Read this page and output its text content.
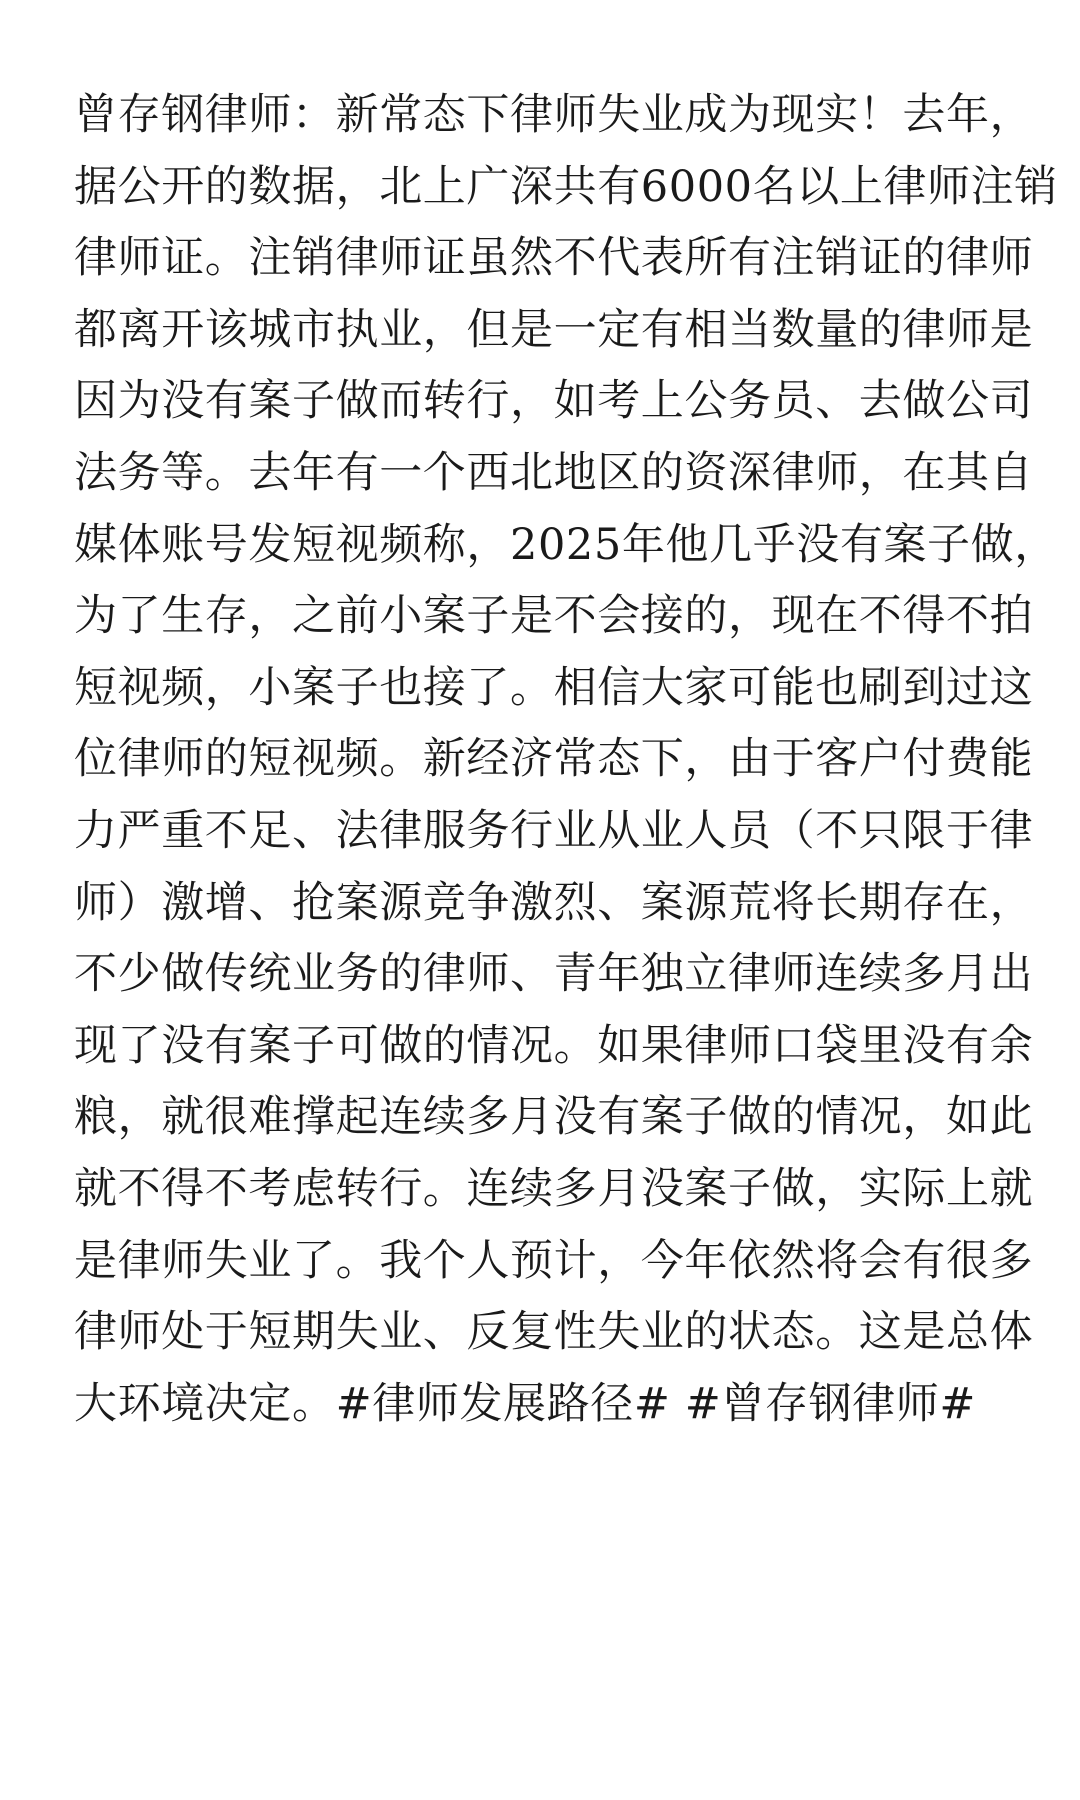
曾存钢律师：新常态下律师失业成为现实！去年，
据公开的数据，北上广深共有6000名以上律师注销
律师证。注销律师证虽然不代表所有注销证的律师
都离开该城市执业，但是一定有相当数量的律师是
因为没有案子做而转行，如考上公务员、去做公司
法务等。去年有一个西北地区的资深律师，在其自
媒体账号发短视频称，2025年他几乎没有案子做，
为了生存，之前小案子是不会接的，现在不得不拍
短视频，小案子也接了。相信大家可能也刷到过这
位律师的短视频。新经济常态下，由于客户付费能
力严重不足、法律服务行业从业人员（不只限于律
师）激增、抢案源竞争激烈、案源荒将长期存在，
不少做传统业务的律师、青年独立律师连续多月出
现了没有案子可做的情况。如果律师口袋里没有余
粮，就很难撑起连续多月没有案子做的情况，如此
就不得不考虑转行。连续多月没案子做，实际上就
是律师失业了。我个人预计，今年依然将会有很多
律师处于短期失业、反复性失业的状态。这是总体
大环境决定。#律师发展路径# #曾存钢律师#
